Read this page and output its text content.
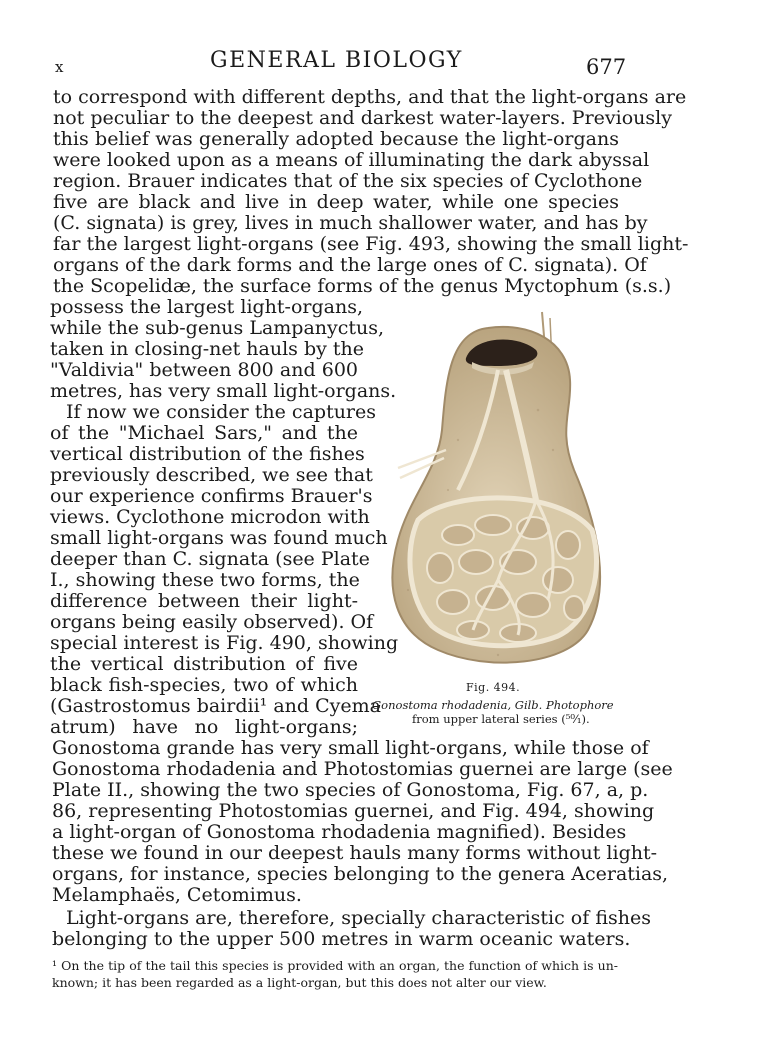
x	GENERAL BIOLOGY	677
to correspond with different depths, and that the light-organs are
not peculiar to the deepest and darkest water-layers. Previously
this belief was generally adopted because the light-organs
were looked upon as a means of illuminating the dark abyssal
region. Brauer indicates that of the six species of Cyclothone
five are black and live in deep water, while one species
(C. signata) is grey, lives in much shallower water, and has by
far the largest light-organs (see Fig. 493, showing the small light-
organs of the dark forms and the large ones of C. signata). Of
the Scopelidæ, the surface forms of the genus Myctophum (s.s.)
possess the largest light-organs,
while the sub-genus Lampanyctus,
taken in closing-net hauls by the
"Valdivia" between 800 and 600
metres, has very small light-organs.
If now we consider the captures
of the "Michael Sars," and the
vertical distribution of the fishes
previously described, we see that
our experience confirms Brauer's
views. Cyclothone microdon with
small light-organs was found much
deeper than C. signata (see Plate
I., showing these two forms, the
difference between their light-
organs being easily observed). Of
special interest is Fig. 490, showing
the vertical distribution of five
black fish-species, two of which
(Gastrostomus bairdii¹ and Cyema
atrum) have no light-organs;
Fig. 494.
Gonostoma rhodadenia, Gilb. Photophore
from upper lateral series (⁵⁰⁄₁).
Gonostoma grande has very small light-organs, while those of
Gonostoma rhodadenia and Photostomias guernei are large (see
Plate II., showing the two species of Gonostoma, Fig. 67, a, p.
86, representing Photostomias guernei, and Fig. 494, showing
a light-organ of Gonostoma rhodadenia magnified). Besides
these we found in our deepest hauls many forms without light-
organs, for instance, species belonging to the genera Aceratias,
Melamphaës, Cetomimus.
Light-organs are, therefore, specially characteristic of fishes
belonging to the upper 500 metres in warm oceanic waters.
¹ On the tip of the tail this species is provided with an organ, the function of which is un-
known; it has been regarded as a light-organ, but this does not alter our view.
